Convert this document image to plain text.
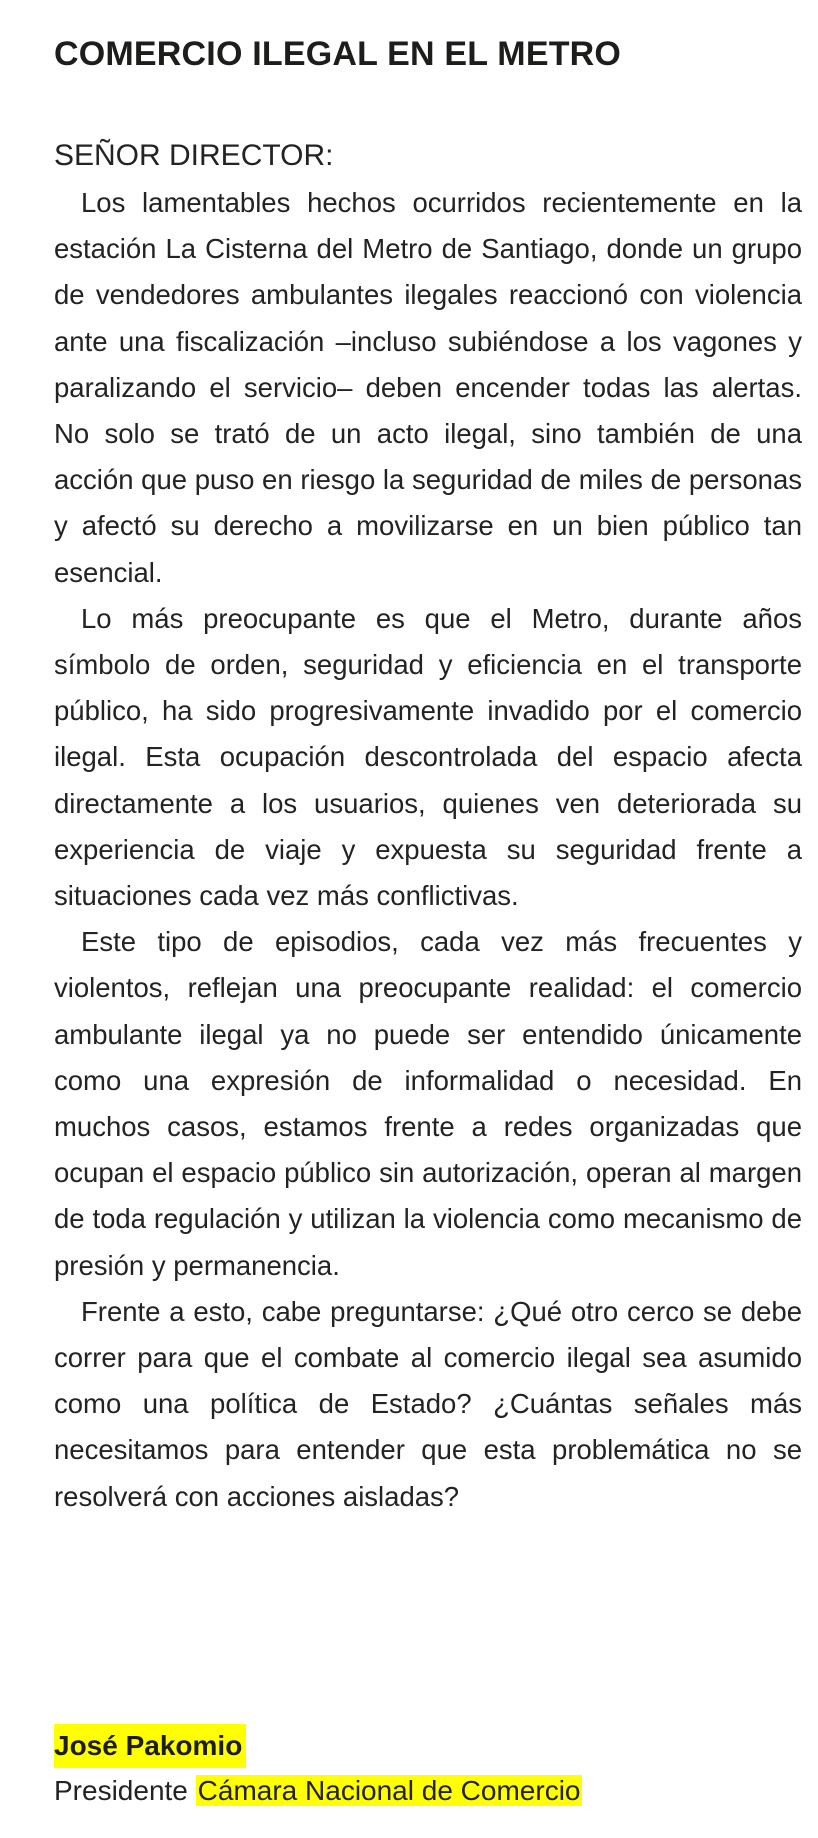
COMERCIO ILEGAL EN EL METRO
SEÑOR DIRECTOR:

Los lamentables hechos ocurridos recientemente en la estación La Cisterna del Metro de Santiago, donde un grupo de vendedores ambulantes ilegales reaccionó con violencia ante una fiscalización –incluso subiéndose a los vagones y paralizando el servicio– deben encender todas las alertas. No solo se trató de un acto ilegal, sino también de una acción que puso en riesgo la seguridad de miles de personas y afectó su derecho a movilizarse en un bien público tan esencial.

Lo más preocupante es que el Metro, durante años símbolo de orden, seguridad y eficiencia en el transporte público, ha sido progresivamente invadido por el comercio ilegal. Esta ocupación descontrolada del espacio afecta directamente a los usuarios, quienes ven deteriorada su experiencia de viaje y expuesta su seguridad frente a situaciones cada vez más conflictivas.

Este tipo de episodios, cada vez más frecuentes y violentos, reflejan una preocupante realidad: el comercio ambulante ilegal ya no puede ser entendido únicamente como una expresión de informalidad o necesidad. En muchos casos, estamos frente a redes organizadas que ocupan el espacio público sin autorización, operan al margen de toda regulación y utilizan la violencia como mecanismo de presión y permanencia.

Frente a esto, cabe preguntarse: ¿Qué otro cerco se debe correr para que el combate al comercio ilegal sea asumido como una política de Estado? ¿Cuántas señales más necesitamos para entender que esta problemática no se resolverá con acciones aisladas?

José Pakomio
Presidente Cámara Nacional de Comercio
